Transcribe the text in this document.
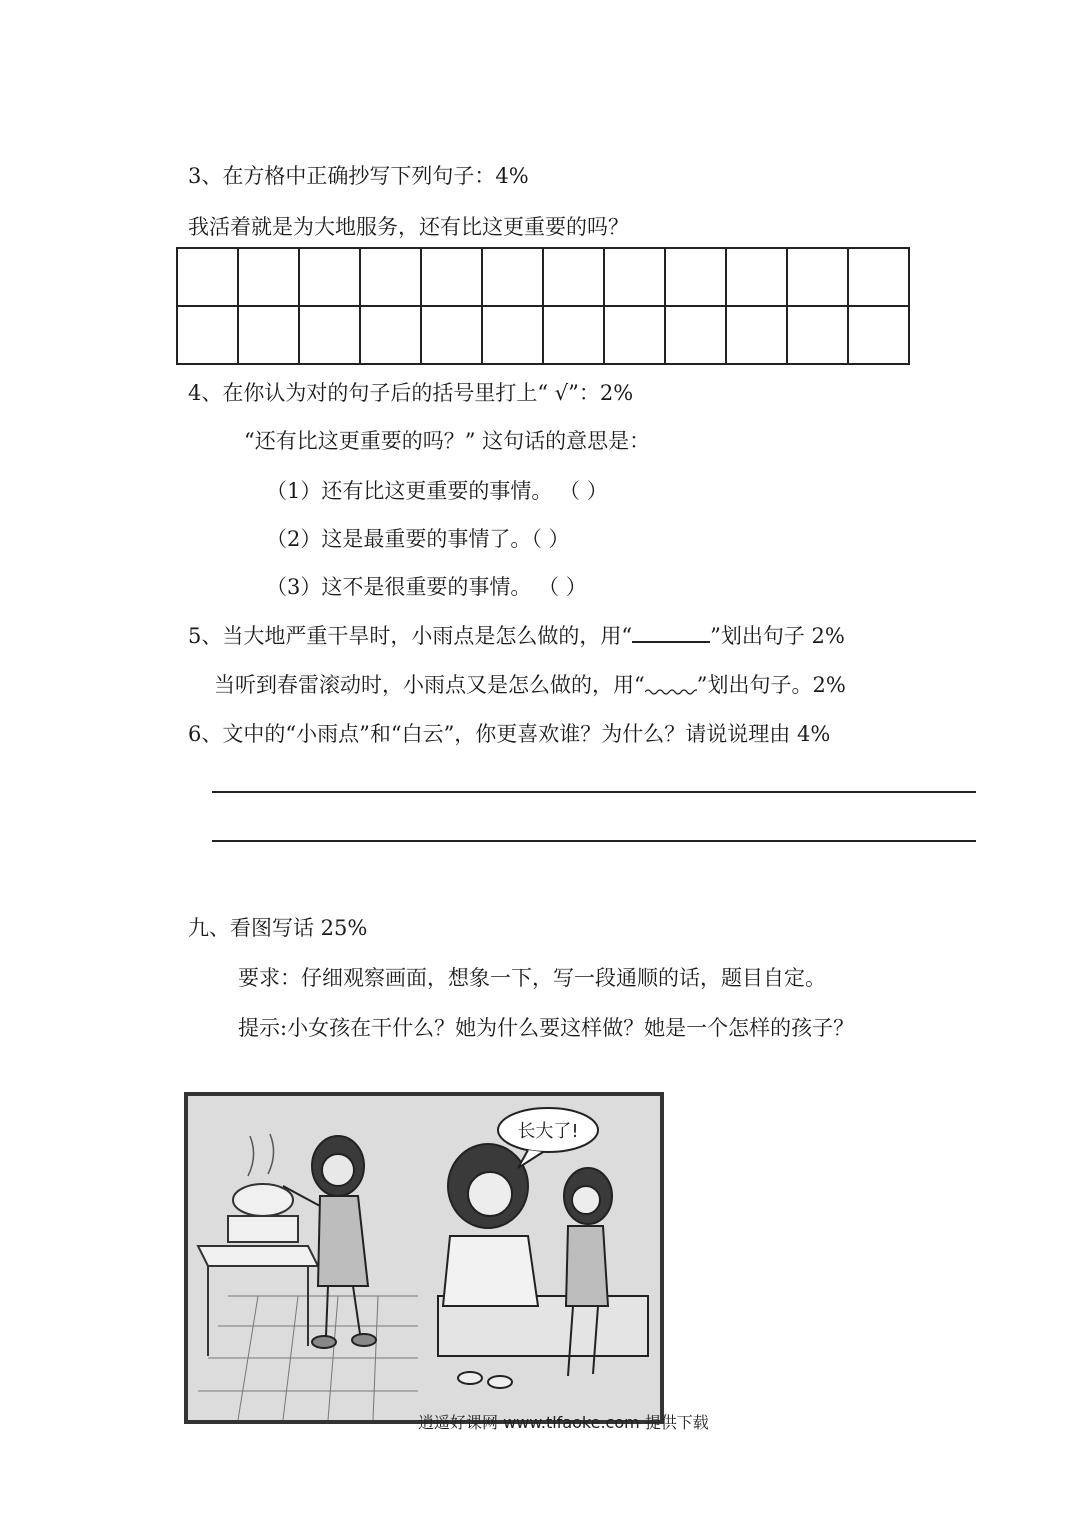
3、在方格中正确抄写下列句子：4%
我活着就是为大地服务，还有比这更重要的吗？

4、在你认为对的句子后的括号里打上“ √”：2%
“还有比这更重要的吗？” 这句话的意思是：
（1）还有比这更重要的事情。 （ ）
（2）这是最重要的事情了。（ ）
（3）这不是很重要的事情。 （ ）
5、当大地严重干旱时，小雨点是怎么做的，用“	”划出句子 2%
当听到春雷滚动时，小雨点又是怎么做的，用“ ”划出句子。2%
6、文中的“小雨点”和“白云”，你更喜欢谁？为什么？请说说理由 4%
九、看图写话 25%
要求：仔细观察画面，想象一下，写一段通顺的话，题目自定。
提示:小女孩在干什么？她为什么要这样做？她是一个怎样的孩子？
长大了!
逍遥好课网 www.tlfaoke.com 提供下载
